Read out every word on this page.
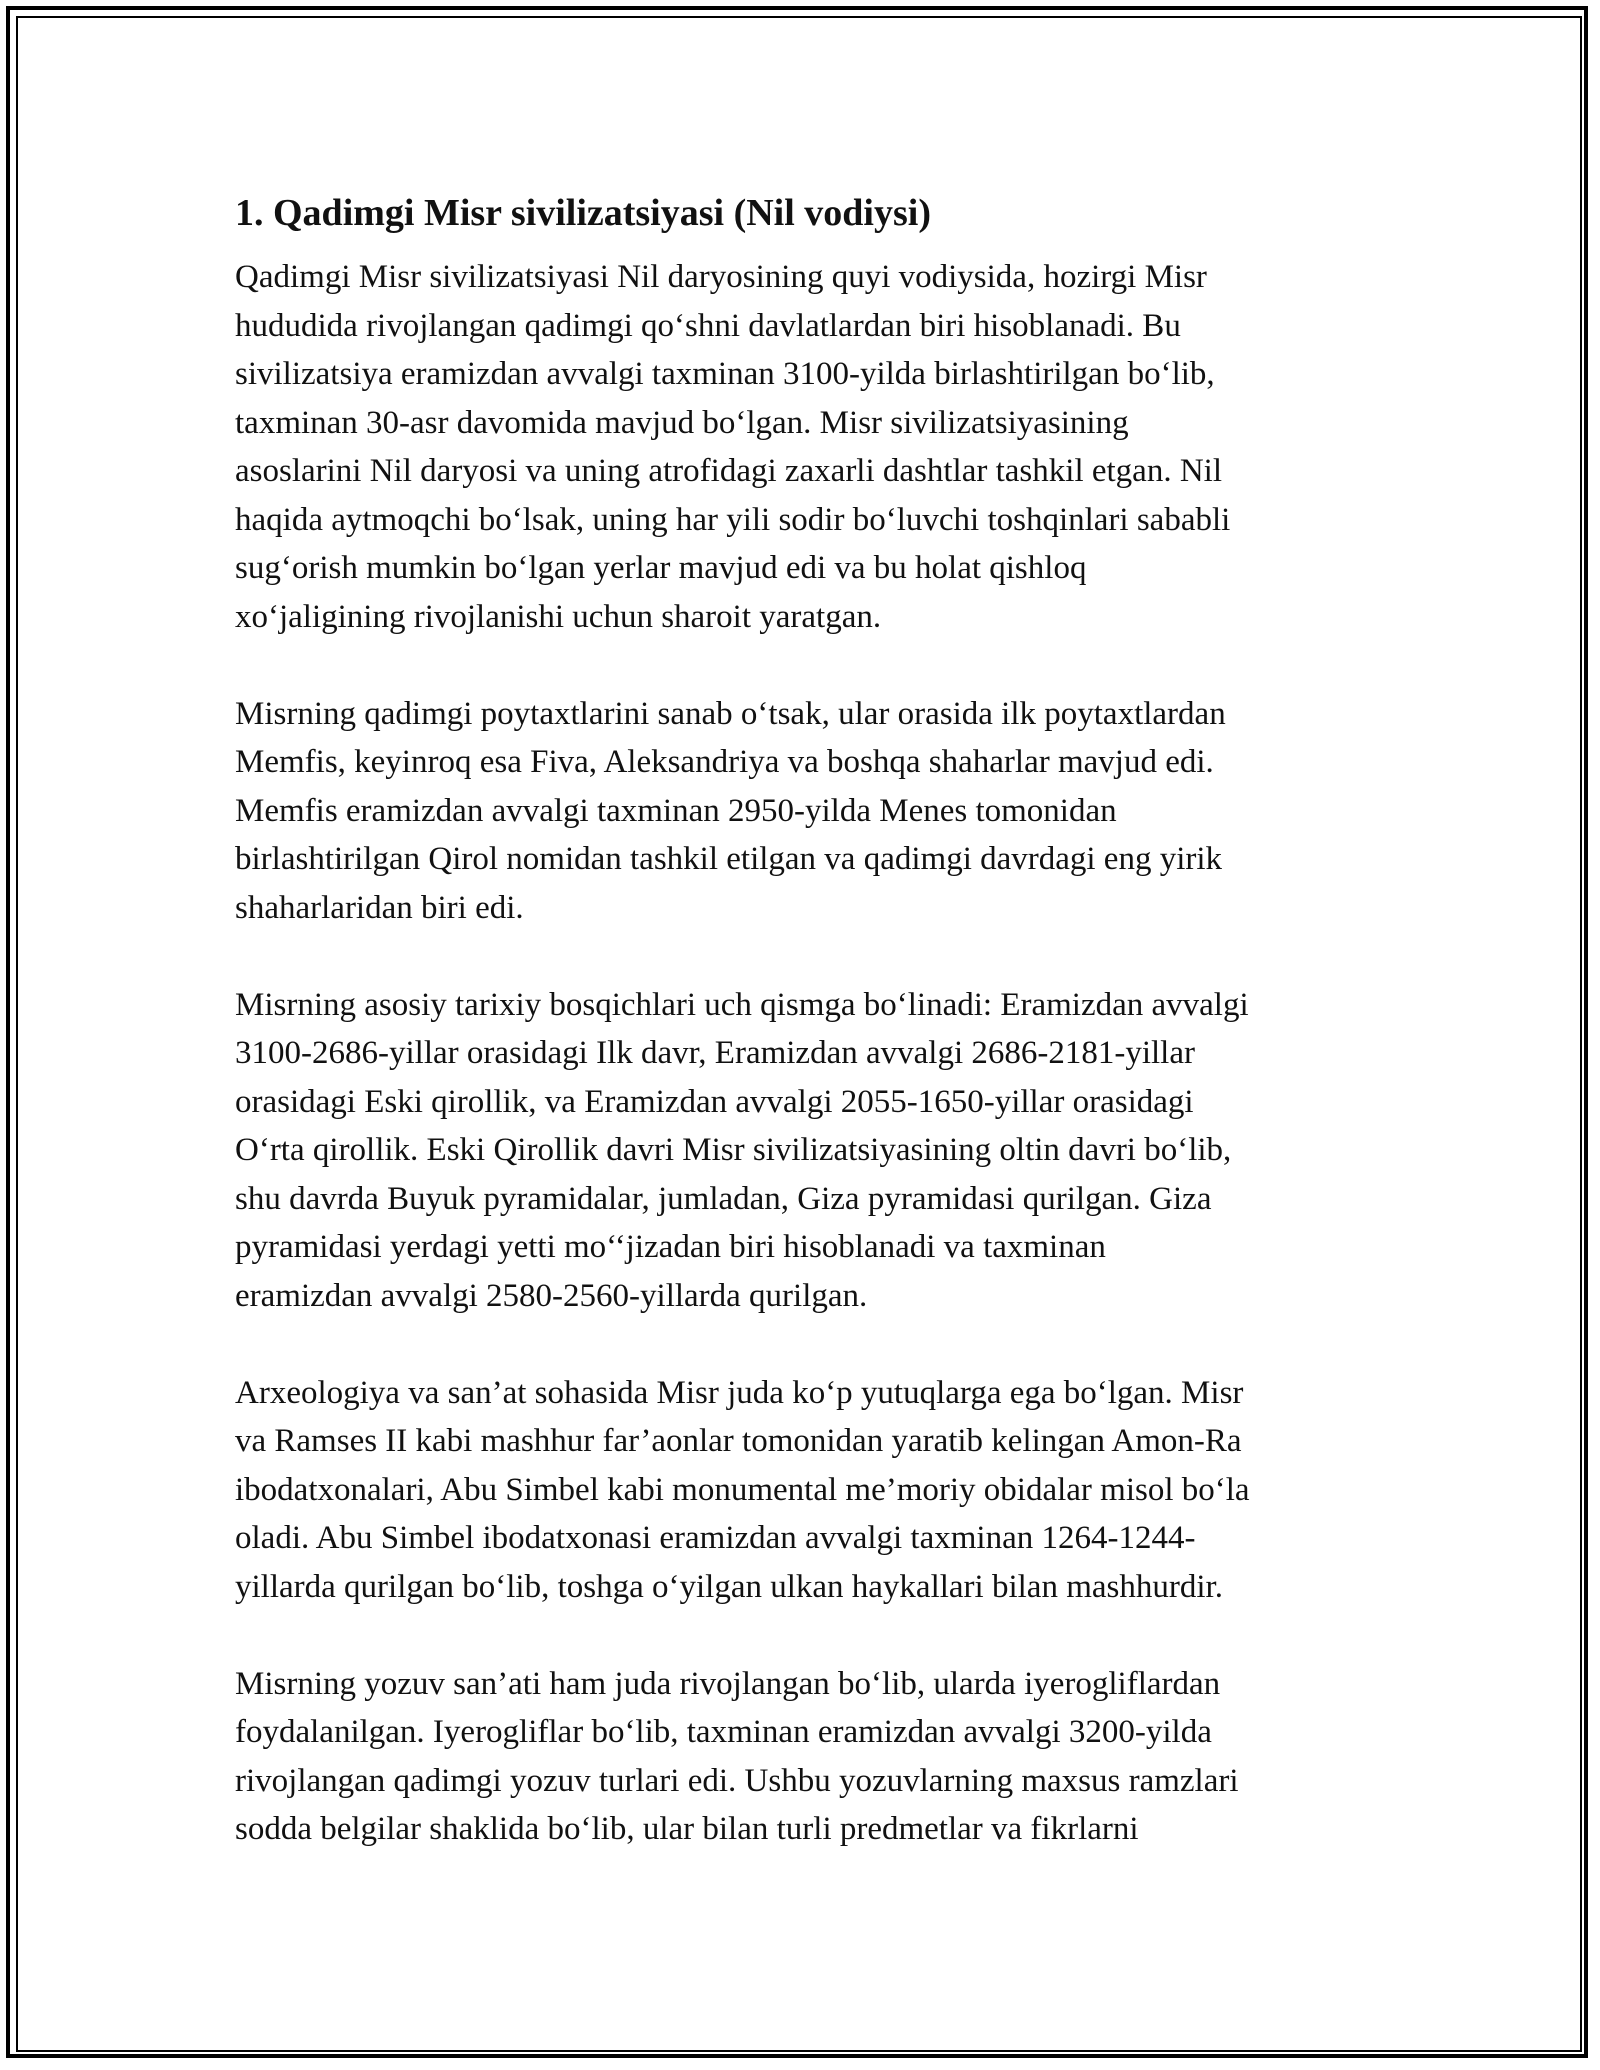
1. Qadimgi Misr sivilizatsiyasi (Nil vodiysi)

Qadimgi Misr sivilizatsiyasi Nil daryosining quyi vodiysida, hozirgi Misr
hududida rivojlangan qadimgi qo‘shni davlatlardan biri hisoblanadi. Bu
sivilizatsiya eramizdan avvalgi taxminan 3100-yilda birlashtirilgan bo‘lib,
taxminan 30-asr davomida mavjud bo‘lgan. Misr sivilizatsiyasining
asoslarini Nil daryosi va uning atrofidagi zaxarli dashtlar tashkil etgan. Nil
haqida aytmoqchi bo‘lsak, uning har yili sodir bo‘luvchi toshqinlari sababli
sug‘orish mumkin bo‘lgan yerlar mavjud edi va bu holat qishloq
xo‘jaligining rivojlanishi uchun sharoit yaratgan.

Misrning qadimgi poytaxtlarini sanab o‘tsak, ular orasida ilk poytaxtlardan
Memfis, keyinroq esa Fiva, Aleksandriya va boshqa shaharlar mavjud edi.
Memfis eramizdan avvalgi taxminan 2950-yilda Menes tomonidan
birlashtirilgan Qirol nomidan tashkil etilgan va qadimgi davrdagi eng yirik
shaharlaridan biri edi.

Misrning asosiy tarixiy bosqichlari uch qismga bo‘linadi: Eramizdan avvalgi
3100-2686-yillar orasidagi Ilk davr, Eramizdan avvalgi 2686-2181-yillar
orasidagi Eski qirollik, va Eramizdan avvalgi 2055-1650-yillar orasidagi
O‘rta qirollik. Eski Qirollik davri Misr sivilizatsiyasining oltin davri bo‘lib,
shu davrda Buyuk pyramidalar, jumladan, Giza pyramidasi qurilgan. Giza
pyramidasi yerdagi yetti mo‘‘jizadan biri hisoblanadi va taxminan
eramizdan avvalgi 2580-2560-yillarda qurilgan.

Arxeologiya va san’at sohasida Misr juda ko‘p yutuqlarga ega bo‘lgan. Misr
va Ramses II kabi mashhur far’aonlar tomonidan yaratib kelingan Amon-Ra
ibodatxonalari, Abu Simbel kabi monumental me’moriy obidalar misol bo‘la
oladi. Abu Simbel ibodatxonasi eramizdan avvalgi taxminan 1264-1244-
yillarda qurilgan bo‘lib, toshga o‘yilgan ulkan haykallari bilan mashhurdir.

Misrning yozuv san’ati ham juda rivojlangan bo‘lib, ularda iyerogliflardan
foydalanilgan. Iyerogliflar bo‘lib, taxminan eramizdan avvalgi 3200-yilda
rivojlangan qadimgi yozuv turlari edi. Ushbu yozuvlarning maxsus ramzlari
sodda belgilar shaklida bo‘lib, ular bilan turli predmetlar va fikrlarni
